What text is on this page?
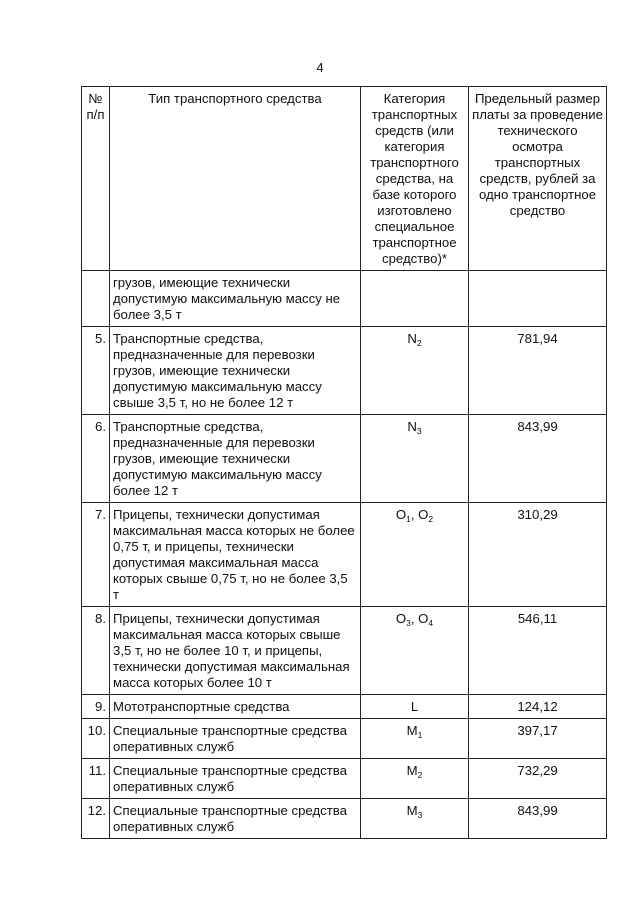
4
№ п/п	Тип транспортного средства	Категория транспортных средств (или категория транспортного средства, на базе которого изготовлено специальное транспортное средство)*	Предельный размер платы за проведение технического осмотра транспортных средств, рублей за одно транспортное средство
	грузов, имеющие технически допустимую максимальную массу не более 3,5 т		
5.	Транспортные средства, предназначенные для перевозки грузов, имеющие технически допустимую максимальную массу свыше 3,5 т, но не более 12 т	$N_2$	781,94
6.	Транспортные средства, предназначенные для перевозки грузов, имеющие технически допустимую максимальную массу более 12 т	$N_3$	843,99
7.	Прицепы, технически допустимая максимальная масса которых не более 0,75 т, и прицепы, технически допустимая максимальная масса которых свыше 0,75 т, но не более 3,5 т	$O_1$, $O_2$	310,29
8.	Прицепы, технически допустимая максимальная масса которых свыше 3,5 т, но не более 10 т, и прицепы, технически допустимая максимальная масса которых более 10 т	$O_3$, $O_4$	546,11
9.	Мототранспортные средства	L	124,12
10.	Специальные транспортные средства оперативных служб	$M_1$	397,17
11.	Специальные транспортные средства оперативных служб	$M_2$	732,29
12.	Специальные транспортные средства оперативных служб	$M_3$	843,99
